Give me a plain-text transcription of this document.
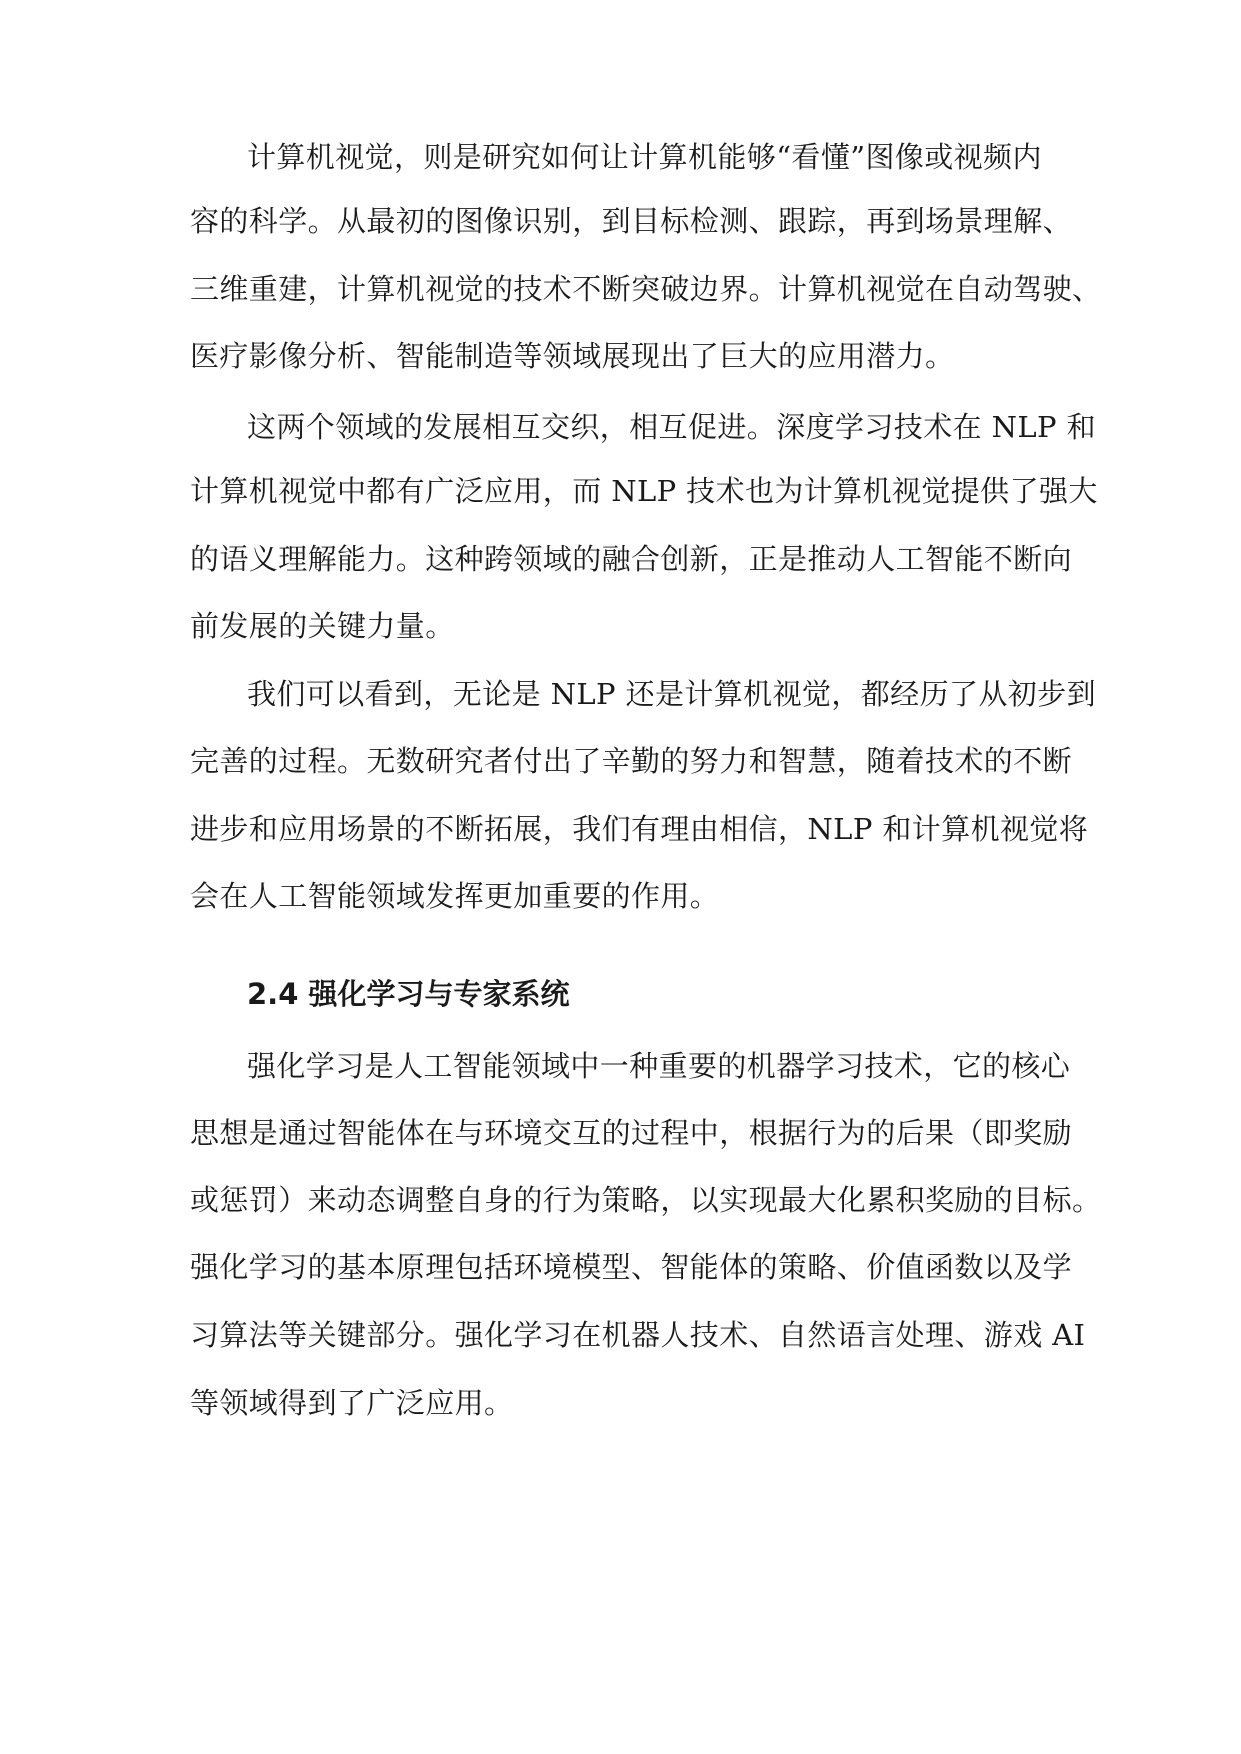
计算机视觉，则是研究如何让计算机能够“看懂”图像或视频内
容的科学。从最初的图像识别，到目标检测、跟踪，再到场景理解、
三维重建，计算机视觉的技术不断突破边界。计算机视觉在自动驾驶、
医疗影像分析、智能制造等领域展现出了巨大的应用潜力。
这两个领域的发展相互交织，相互促进。深度学习技术在 NLP 和
计算机视觉中都有广泛应用，而 NLP 技术也为计算机视觉提供了强大
的语义理解能力。这种跨领域的融合创新，正是推动人工智能不断向
前发展的关键力量。
我们可以看到，无论是 NLP 还是计算机视觉，都经历了从初步到
完善的过程。无数研究者付出了辛勤的努力和智慧，随着技术的不断
进步和应用场景的不断拓展，我们有理由相信，NLP 和计算机视觉将
会在人工智能领域发挥更加重要的作用。
2.4 强化学习与专家系统
强化学习是人工智能领域中一种重要的机器学习技术，它的核心
思想是通过智能体在与环境交互的过程中，根据行为的后果（即奖励
或惩罚）来动态调整自身的行为策略，以实现最大化累积奖励的目标。
强化学习的基本原理包括环境模型、智能体的策略、价值函数以及学
习算法等关键部分。强化学习在机器人技术、自然语言处理、游戏 AI
等领域得到了广泛应用。
